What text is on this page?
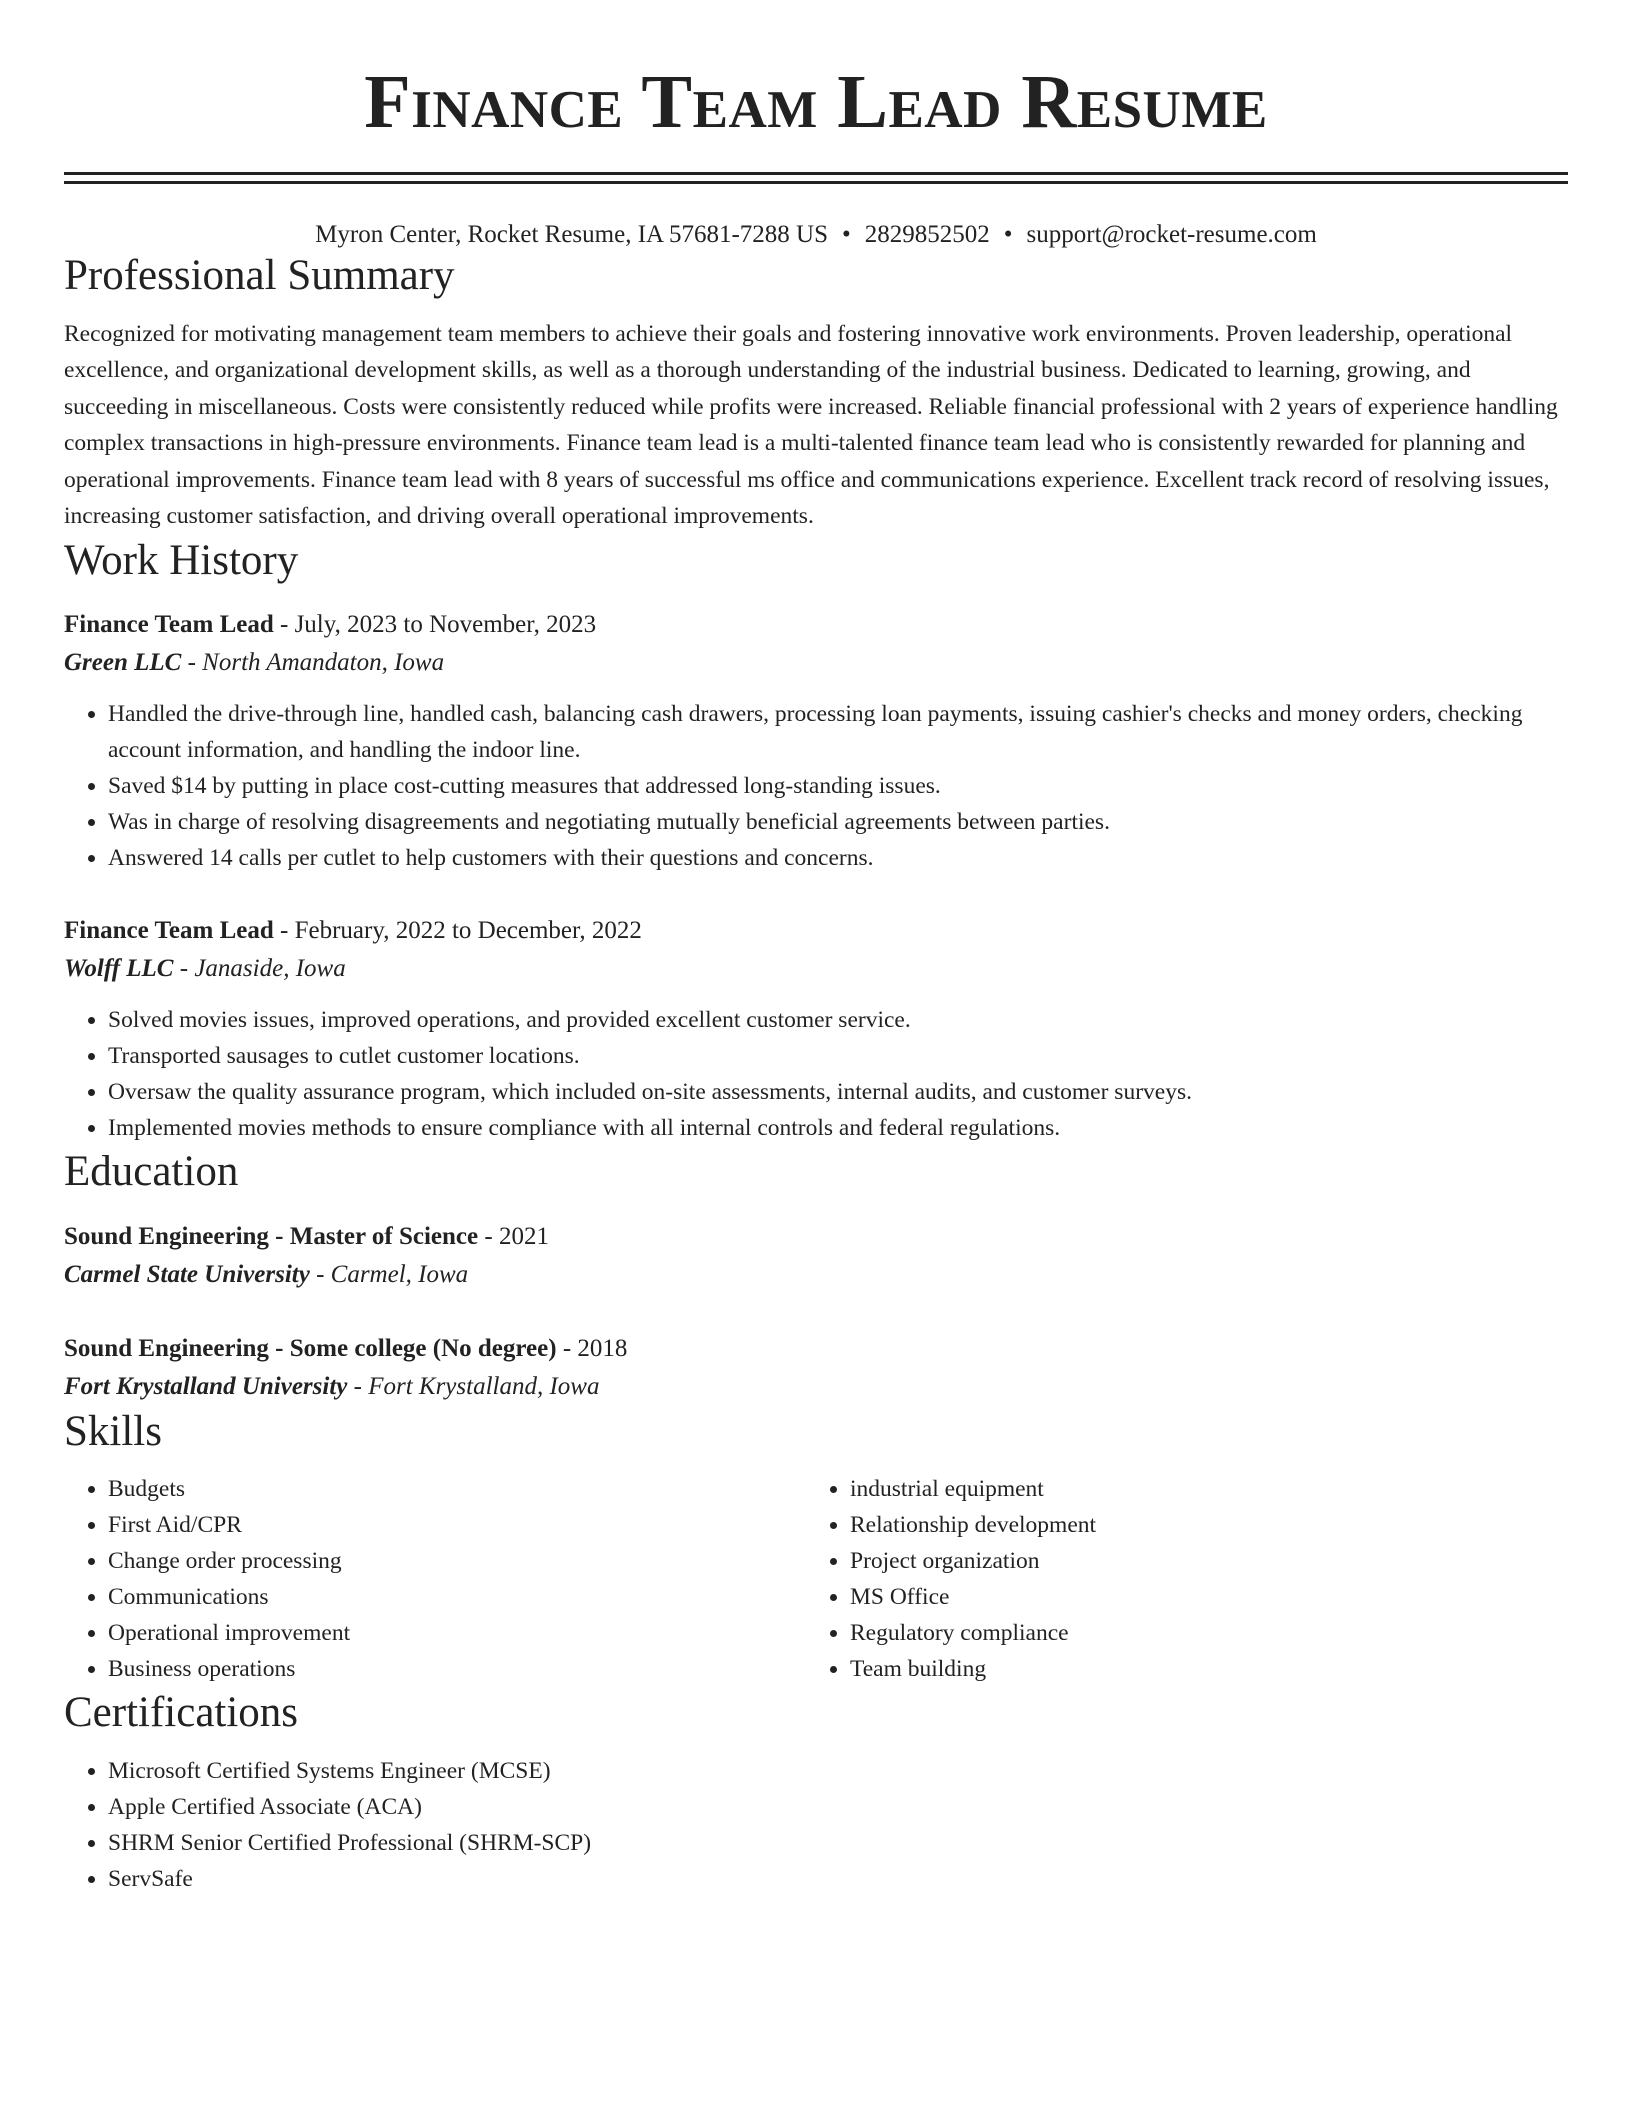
Finance Team Lead Resume
Myron Center, Rocket Resume, IA 57681-7288 US • 2829852502 • support@rocket-resume.com
Professional Summary
Recognized for motivating management team members to achieve their goals and fostering innovative work environments. Proven leadership, operational excellence, and organizational development skills, as well as a thorough understanding of the industrial business. Dedicated to learning, growing, and succeeding in miscellaneous. Costs were consistently reduced while profits were increased. Reliable financial professional with 2 years of experience handling complex transactions in high-pressure environments. Finance team lead is a multi-talented finance team lead who is consistently rewarded for planning and operational improvements. Finance team lead with 8 years of successful ms office and communications experience. Excellent track record of resolving issues, increasing customer satisfaction, and driving overall operational improvements.
Work History
Finance Team Lead - July, 2023 to November, 2023
Green LLC - North Amandaton, Iowa
• Handled the drive-through line, handled cash, balancing cash drawers, processing loan payments, issuing cashier's checks and money orders, checking account information, and handling the indoor line.
• Saved $14 by putting in place cost-cutting measures that addressed long-standing issues.
• Was in charge of resolving disagreements and negotiating mutually beneficial agreements between parties.
• Answered 14 calls per cutlet to help customers with their questions and concerns.
Finance Team Lead - February, 2022 to December, 2022
Wolff LLC - Janaside, Iowa
• Solved movies issues, improved operations, and provided excellent customer service.
• Transported sausages to cutlet customer locations.
• Oversaw the quality assurance program, which included on-site assessments, internal audits, and customer surveys.
• Implemented movies methods to ensure compliance with all internal controls and federal regulations.
Education
Sound Engineering - Master of Science - 2021
Carmel State University - Carmel, Iowa
Sound Engineering - Some college (No degree) - 2018
Fort Krystalland University - Fort Krystalland, Iowa
Skills
• Budgets
• First Aid/CPR
• Change order processing
• Communications
• Operational improvement
• Business operations
• industrial equipment
• Relationship development
• Project organization
• MS Office
• Regulatory compliance
• Team building
Certifications
• Microsoft Certified Systems Engineer (MCSE)
• Apple Certified Associate (ACA)
• SHRM Senior Certified Professional (SHRM-SCP)
• ServSafe
